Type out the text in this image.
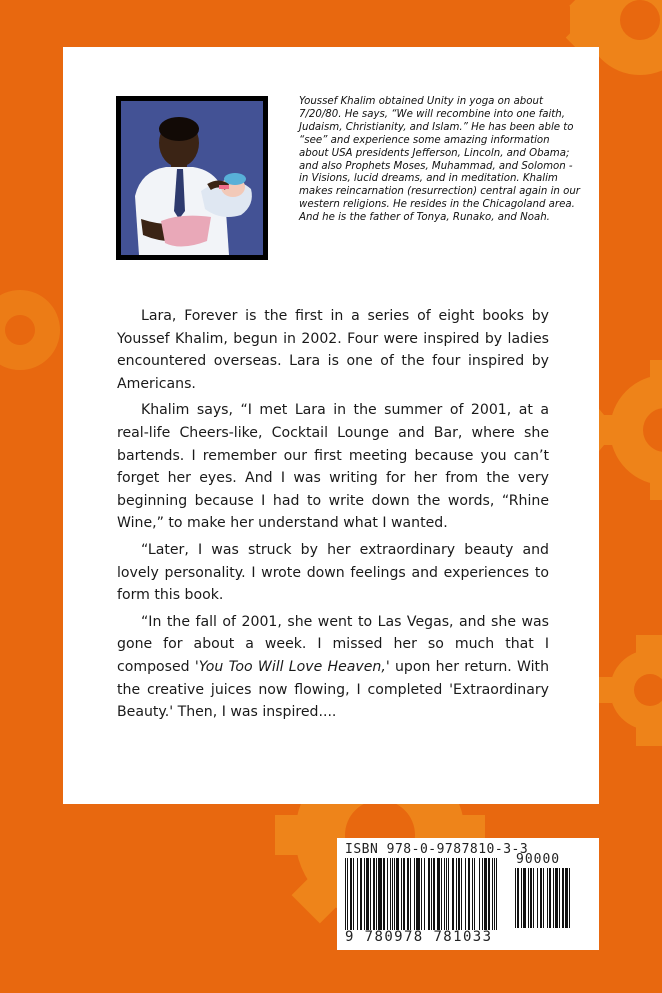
Youssef Khalim obtained Unity in yoga on about 7/20/80. He says, “We will recombine into one faith, Judaism, Christianity, and Islam.” He has been able to “see” and experience some amazing information about USA presidents Jefferson, Lincoln, and Obama; and also Prophets Moses, Muhammad, and Solomon - in Visions, lucid dreams, and in meditation. Khalim makes reincarnation (resurrection) central again in our western religions. He resides in the Chicagoland area. And he is the father of Tonya, Runako, and Noah.

Lara, Forever is the first in a series of eight books by Youssef Khalim, begun in 2002. Four were inspired by ladies encountered overseas. Lara is one of the four inspired by Americans.

Khalim says, “I met Lara in the summer of 2001, at a real-life Cheers-like, Cocktail Lounge and Bar, where she bartends. I remember our first meeting because you can’t forget her eyes. And I was writing for her from the very beginning because I had to write down the words, “Rhine Wine,” to make her understand what I wanted.

“Later, I was struck by her extraordinary beauty and lovely personality. I wrote down feelings and experiences to form this book.

“In the fall of 2001, she went to Las Vegas, and she was gone for about a week. I missed her so much that I composed 'You Too Will Love Heaven,' upon her return. With the creative juices now flowing, I completed 'Extraordinary Beauty.' Then, I was inspired....

ISBN 978-0-9787810-3-3
90000
9 780978 781033
